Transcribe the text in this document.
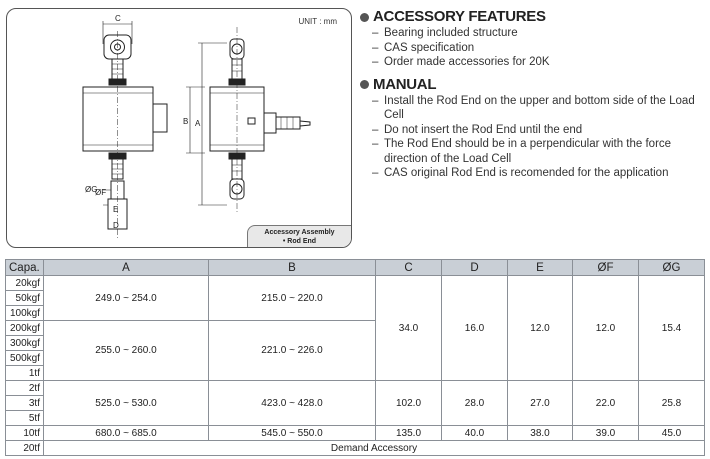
UNIT : mm
C
A
B
ØG
ØF
E
D
Accessory Assembly
• Rod End
ACCESSORY FEATURES
– Bearing included structure
– CAS specification
– Order made accessories for 20K
MANUAL
– Install the Rod End on the upper and bottom side of the Load Cell
– Do not insert the Rod End until the end
– The Rod End should be in a perpendicular with the force direction of the Load Cell
– CAS original Rod End is recomended for the application
Capa.	A	B	C	D	E	ØF	ØG
20kgf	249.0 ~ 254.0	215.0 ~ 220.0	34.0	16.0	12.0	12.0	15.4
50kgf							
100kgf							
200kgf	255.0 ~ 260.0	221.0 ~ 226.0					
300kgf							
500kgf							
1tf							
2tf	525.0 ~ 530.0	423.0 ~ 428.0	102.0	28.0	27.0	22.0	25.8
3tf							
5tf							
10tf	680.0 ~ 685.0	545.0 ~ 550.0	135.0	40.0	38.0	39.0	45.0
20tf	Demand Accessory						
